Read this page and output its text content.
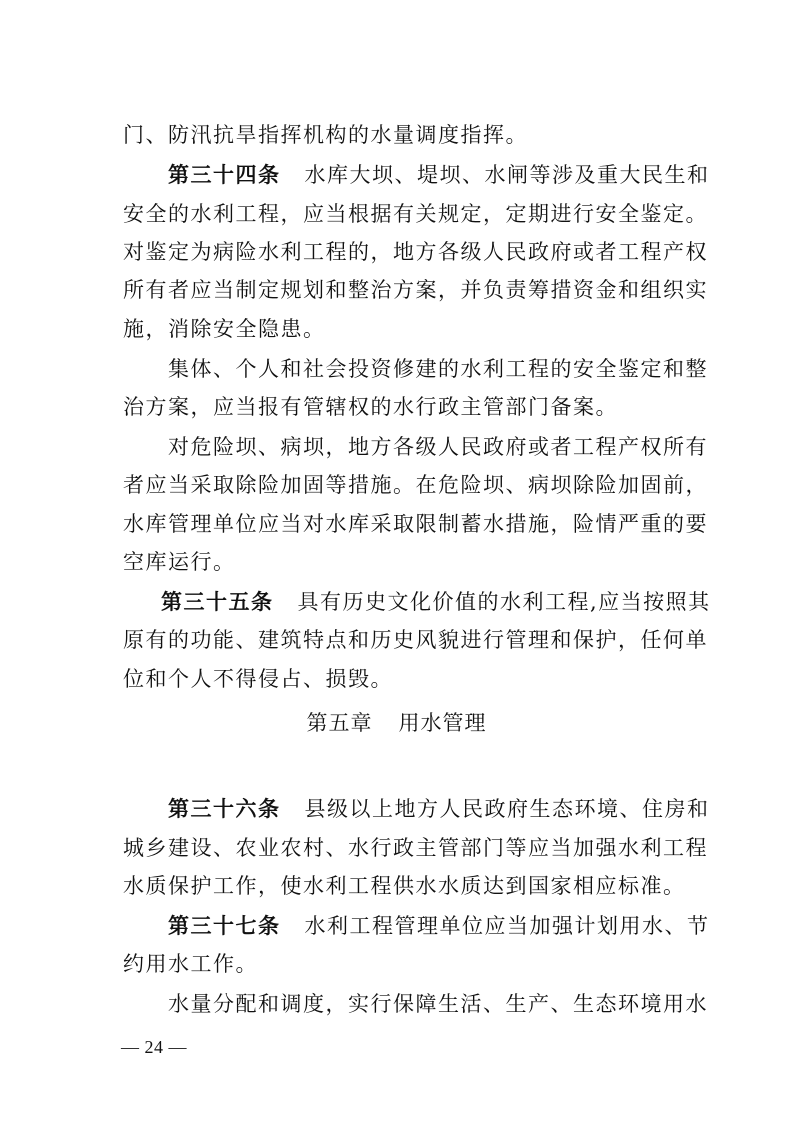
门、防汛抗旱指挥机构的水量调度指挥。
第三十四条 水库大坝、堤坝、水闸等涉及重大民生和
安全的水利工程，应当根据有关规定，定期进行安全鉴定。
对鉴定为病险水利工程的，地方各级人民政府或者工程产权
所有者应当制定规划和整治方案，并负责筹措资金和组织实
施，消除安全隐患。
集体、个人和社会投资修建的水利工程的安全鉴定和整
治方案，应当报有管辖权的水行政主管部门备案。
对危险坝、病坝，地方各级人民政府或者工程产权所有
者应当采取除险加固等措施。在危险坝、病坝除险加固前，
水库管理单位应当对水库采取限制蓄水措施，险情严重的要
空库运行。
第三十五条 具有历史文化价值的水利工程,应当按照其
原有的功能、建筑特点和历史风貌进行管理和保护，任何单
位和个人不得侵占、损毁。
第五章 用水管理
第三十六条 县级以上地方人民政府生态环境、住房和
城乡建设、农业农村、水行政主管部门等应当加强水利工程
水质保护工作，使水利工程供水水质达到国家相应标准。
第三十七条 水利工程管理单位应当加强计划用水、节
约用水工作。
水量分配和调度，实行保障生活、生产、生态环境用水
— 24 —
